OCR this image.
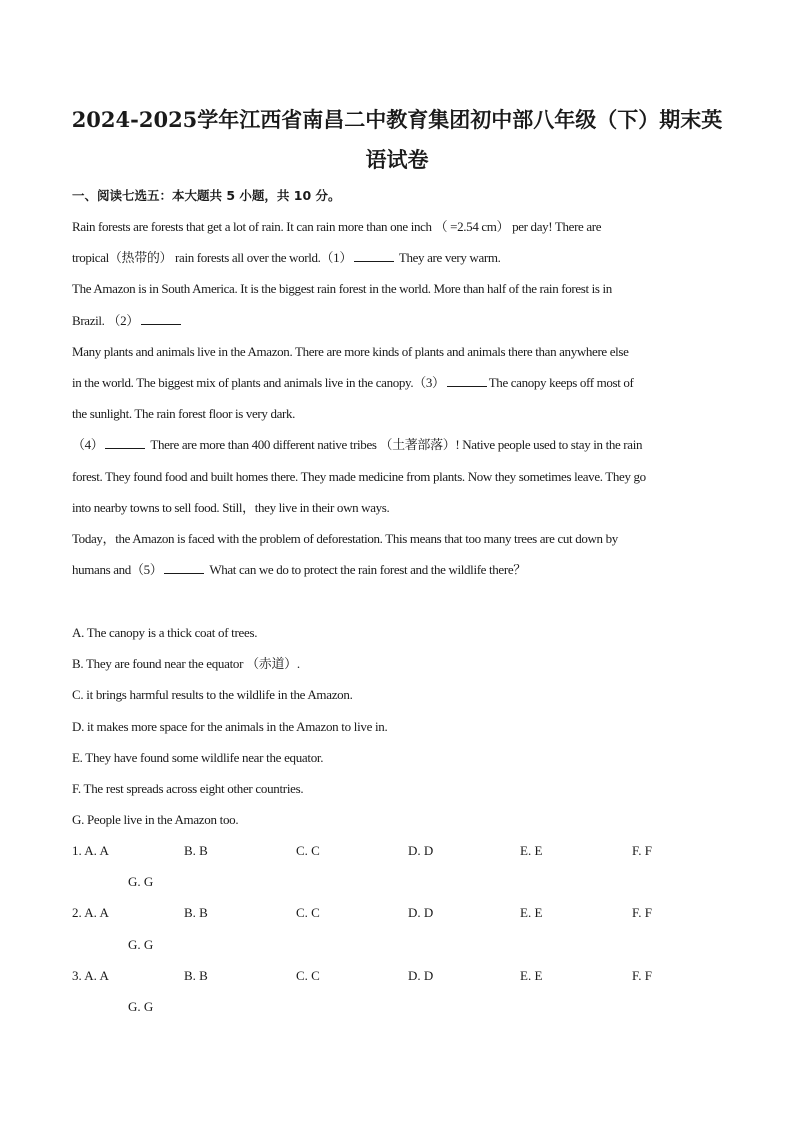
2024-2025学年江西省南昌二中教育集团初中部八年级（下）期末英
语试卷
一、阅读七选五：本大题共 5 小题，共 10 分。
Rain forests are forests that get a lot of rain. It can rain more than one inch （ =2.54 cm） per day! There are
tropical（热带的） rain forests all over the world.（1）	They are very warm.
The Amazon is in South America. It is the biggest rain forest in the world. More than half of the rain forest is in
Brazil. （2）
Many plants and animals live in the Amazon. There are more kinds of plants and animals there than anywhere else
in the world. The biggest mix of plants and animals live in the canopy.（3）	The canopy keeps off most of
the sunlight. The rain forest floor is very dark.
（4）	There are more than 400 different native tribes （土著部落）! Native people used to stay in the rain
forest. They found food and built homes there. They made medicine from plants. Now they sometimes leave. They go
into nearby towns to sell food. Still，they live in their own ways.
Today，the Amazon is faced with the problem of deforestation. This means that too many trees are cut down by
humans and（5）	What can we do to protect the rain forest and the wildlife there？
A. The canopy is a thick coat of trees.
B. They are found near the equator （赤道）.
C. it brings harmful results to the wildlife in the Amazon.
D. it makes more space for the animals in the Amazon to live in.
E. They have found some wildlife near the equator.
F. The rest spreads across eight other countries.
G. People live in the Amazon too.
1. A. A	B. B	C. C	D. D	E. E	F. F
G. G
2. A. A	B. B	C. C	D. D	E. E	F. F
G. G
3. A. A	B. B	C. C	D. D	E. E	F. F
G. G
